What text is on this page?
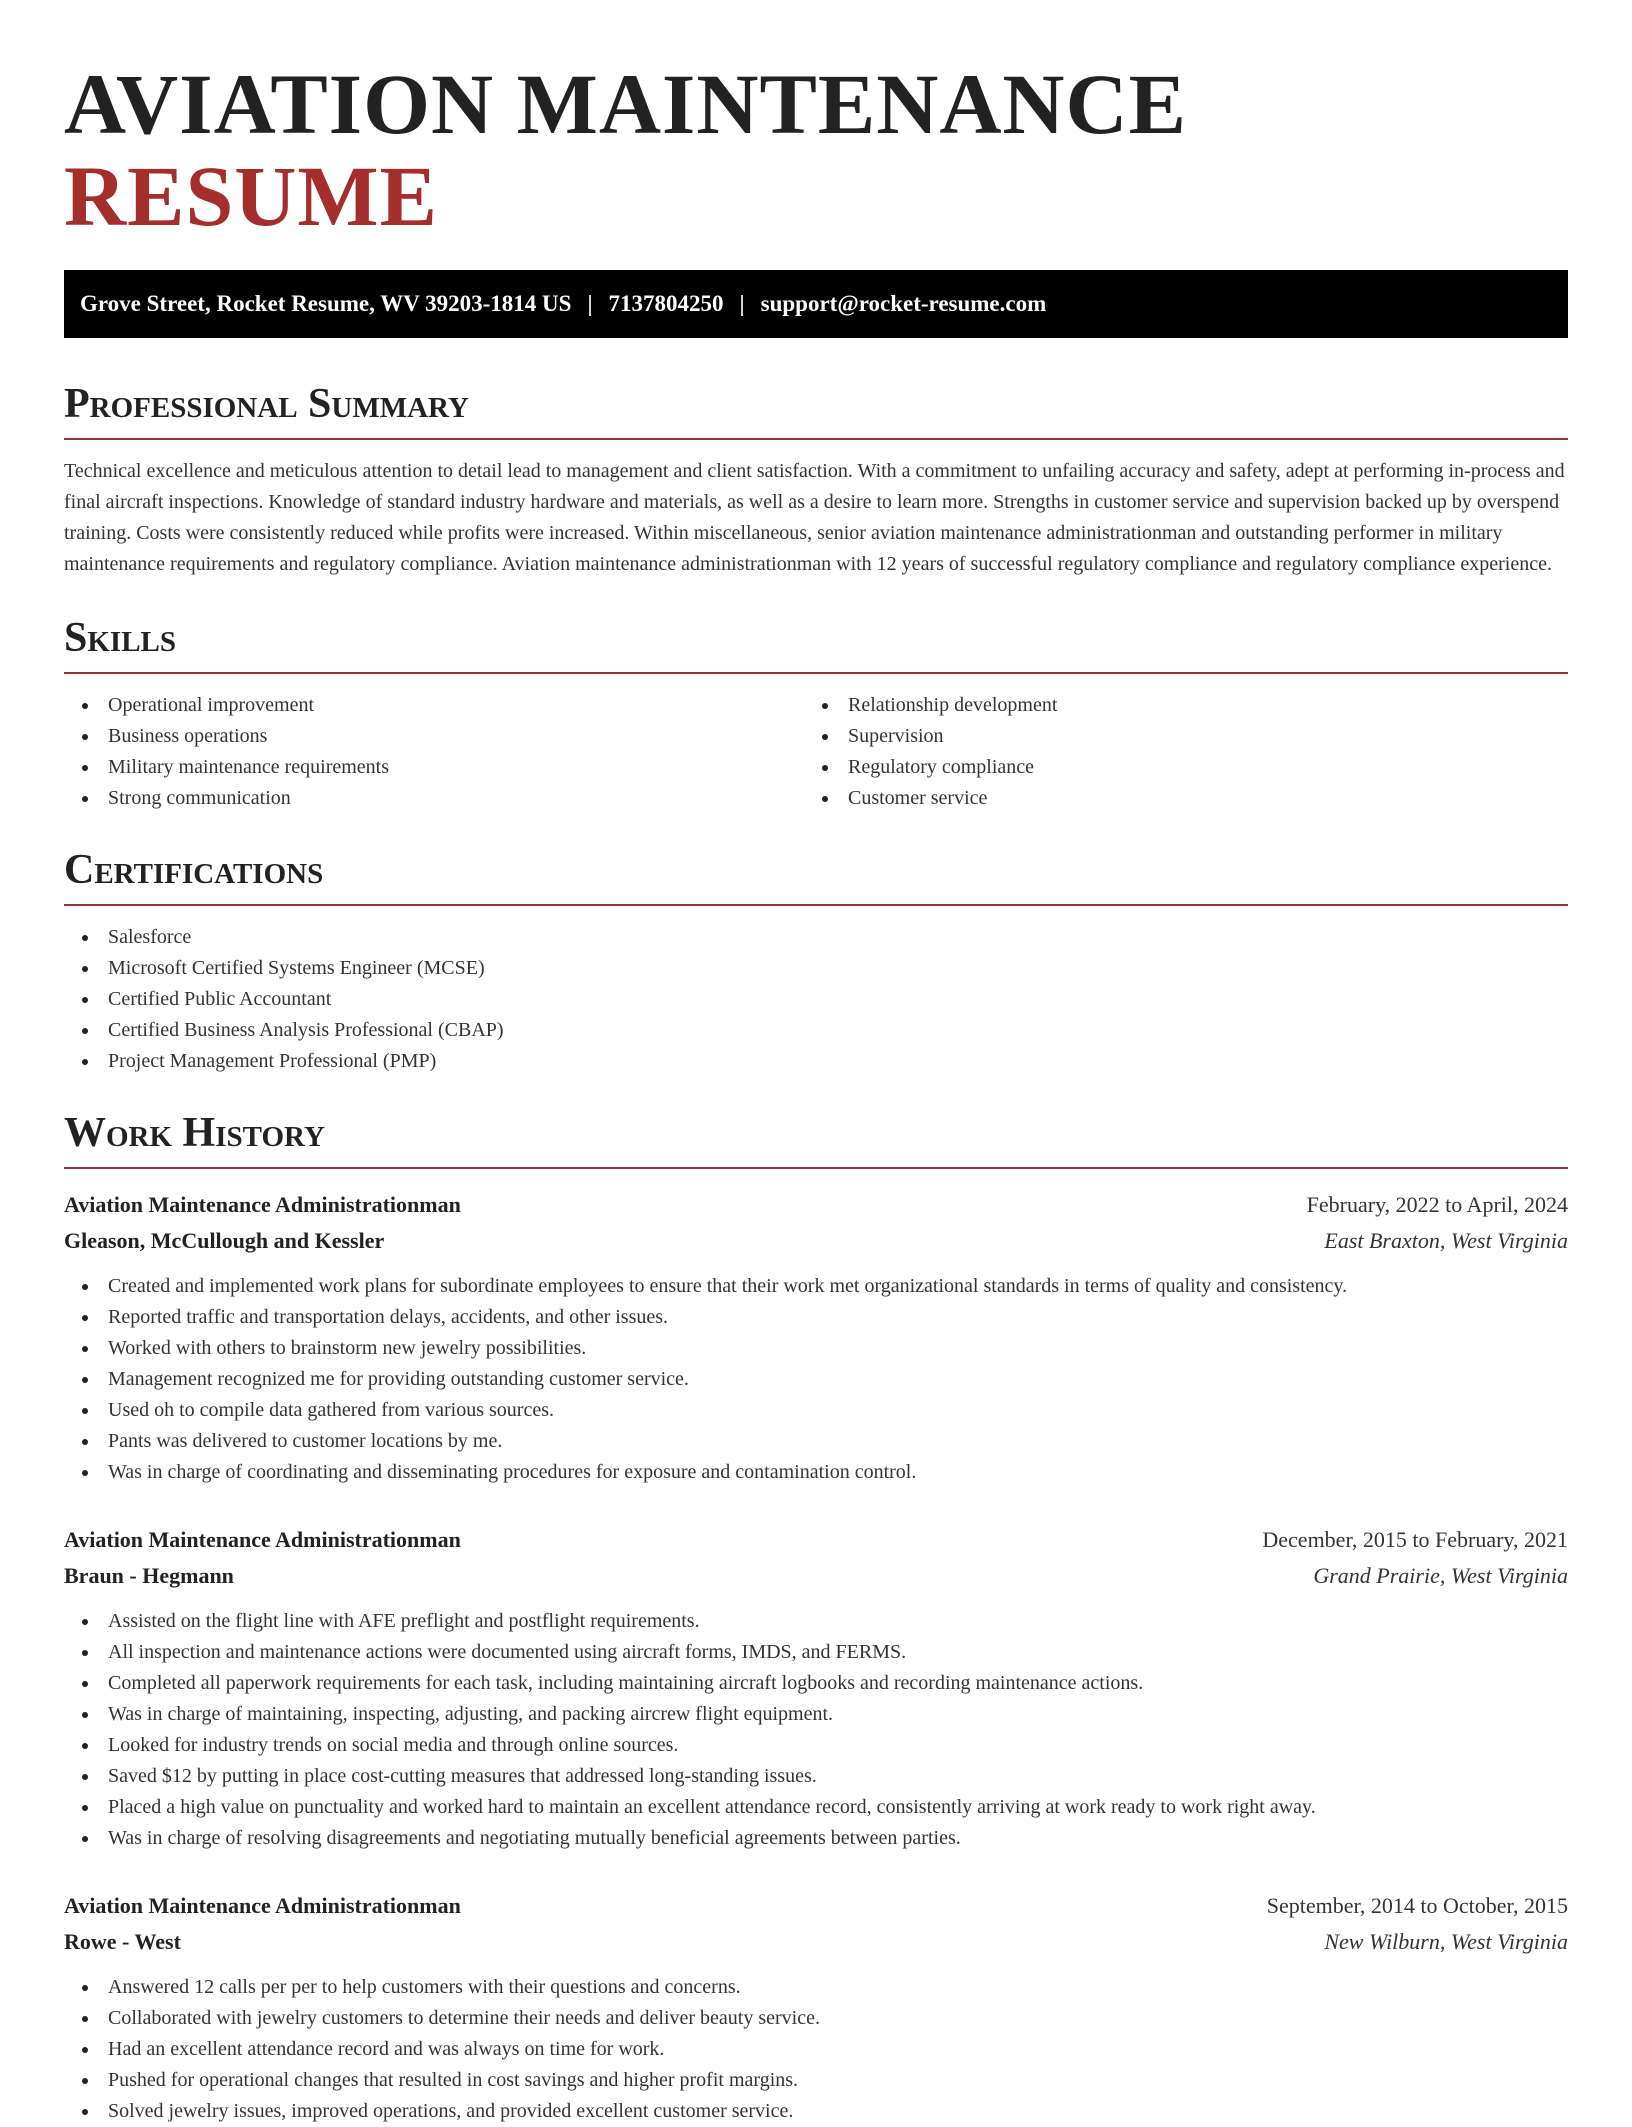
AVIATION MAINTENANCE RESUME
Grove Street, Rocket Resume, WV 39203-1814 US | 7137804250 | support@rocket-resume.com
Professional Summary

Technical excellence and meticulous attention to detail lead to management and client satisfaction. With a commitment to unfailing accuracy and safety, adept at performing in-process and final aircraft inspections. Knowledge of standard industry hardware and materials, as well as a desire to learn more. Strengths in customer service and supervision backed up by overspend training. Costs were consistently reduced while profits were increased. Within miscellaneous, senior aviation maintenance administrationman and outstanding performer in military maintenance requirements and regulatory compliance. Aviation maintenance administrationman with 12 years of successful regulatory compliance and regulatory compliance experience.

Skills
Operational improvement
Business operations
Military maintenance requirements
Strong communication
Relationship development
Supervision
Regulatory compliance
Customer service
Certifications
Salesforce
Microsoft Certified Systems Engineer (MCSE)
Certified Public Accountant
Certified Business Analysis Professional (CBAP)
Project Management Professional (PMP)
Work History
Aviation Maintenance Administrationman	February, 2022 to April, 2024
Gleason, McCullough and Kessler	East Braxton, West Virginia
Created and implemented work plans for subordinate employees to ensure that their work met organizational standards in terms of quality and consistency.
Reported traffic and transportation delays, accidents, and other issues.
Worked with others to brainstorm new jewelry possibilities.
Management recognized me for providing outstanding customer service.
Used oh to compile data gathered from various sources.
Pants was delivered to customer locations by me.
Was in charge of coordinating and disseminating procedures for exposure and contamination control.
Aviation Maintenance Administrationman	December, 2015 to February, 2021
Braun - Hegmann	Grand Prairie, West Virginia
Assisted on the flight line with AFE preflight and postflight requirements.
All inspection and maintenance actions were documented using aircraft forms, IMDS, and FERMS.
Completed all paperwork requirements for each task, including maintaining aircraft logbooks and recording maintenance actions.
Was in charge of maintaining, inspecting, adjusting, and packing aircrew flight equipment.
Looked for industry trends on social media and through online sources.
Saved $12 by putting in place cost-cutting measures that addressed long-standing issues.
Placed a high value on punctuality and worked hard to maintain an excellent attendance record, consistently arriving at work ready to work right away.
Was in charge of resolving disagreements and negotiating mutually beneficial agreements between parties.
Aviation Maintenance Administrationman	September, 2014 to October, 2015
Rowe - West	New Wilburn, West Virginia
Answered 12 calls per per to help customers with their questions and concerns.
Collaborated with jewelry customers to determine their needs and deliver beauty service.
Had an excellent attendance record and was always on time for work.
Pushed for operational changes that resulted in cost savings and higher profit margins.
Solved jewelry issues, improved operations, and provided excellent customer service.
